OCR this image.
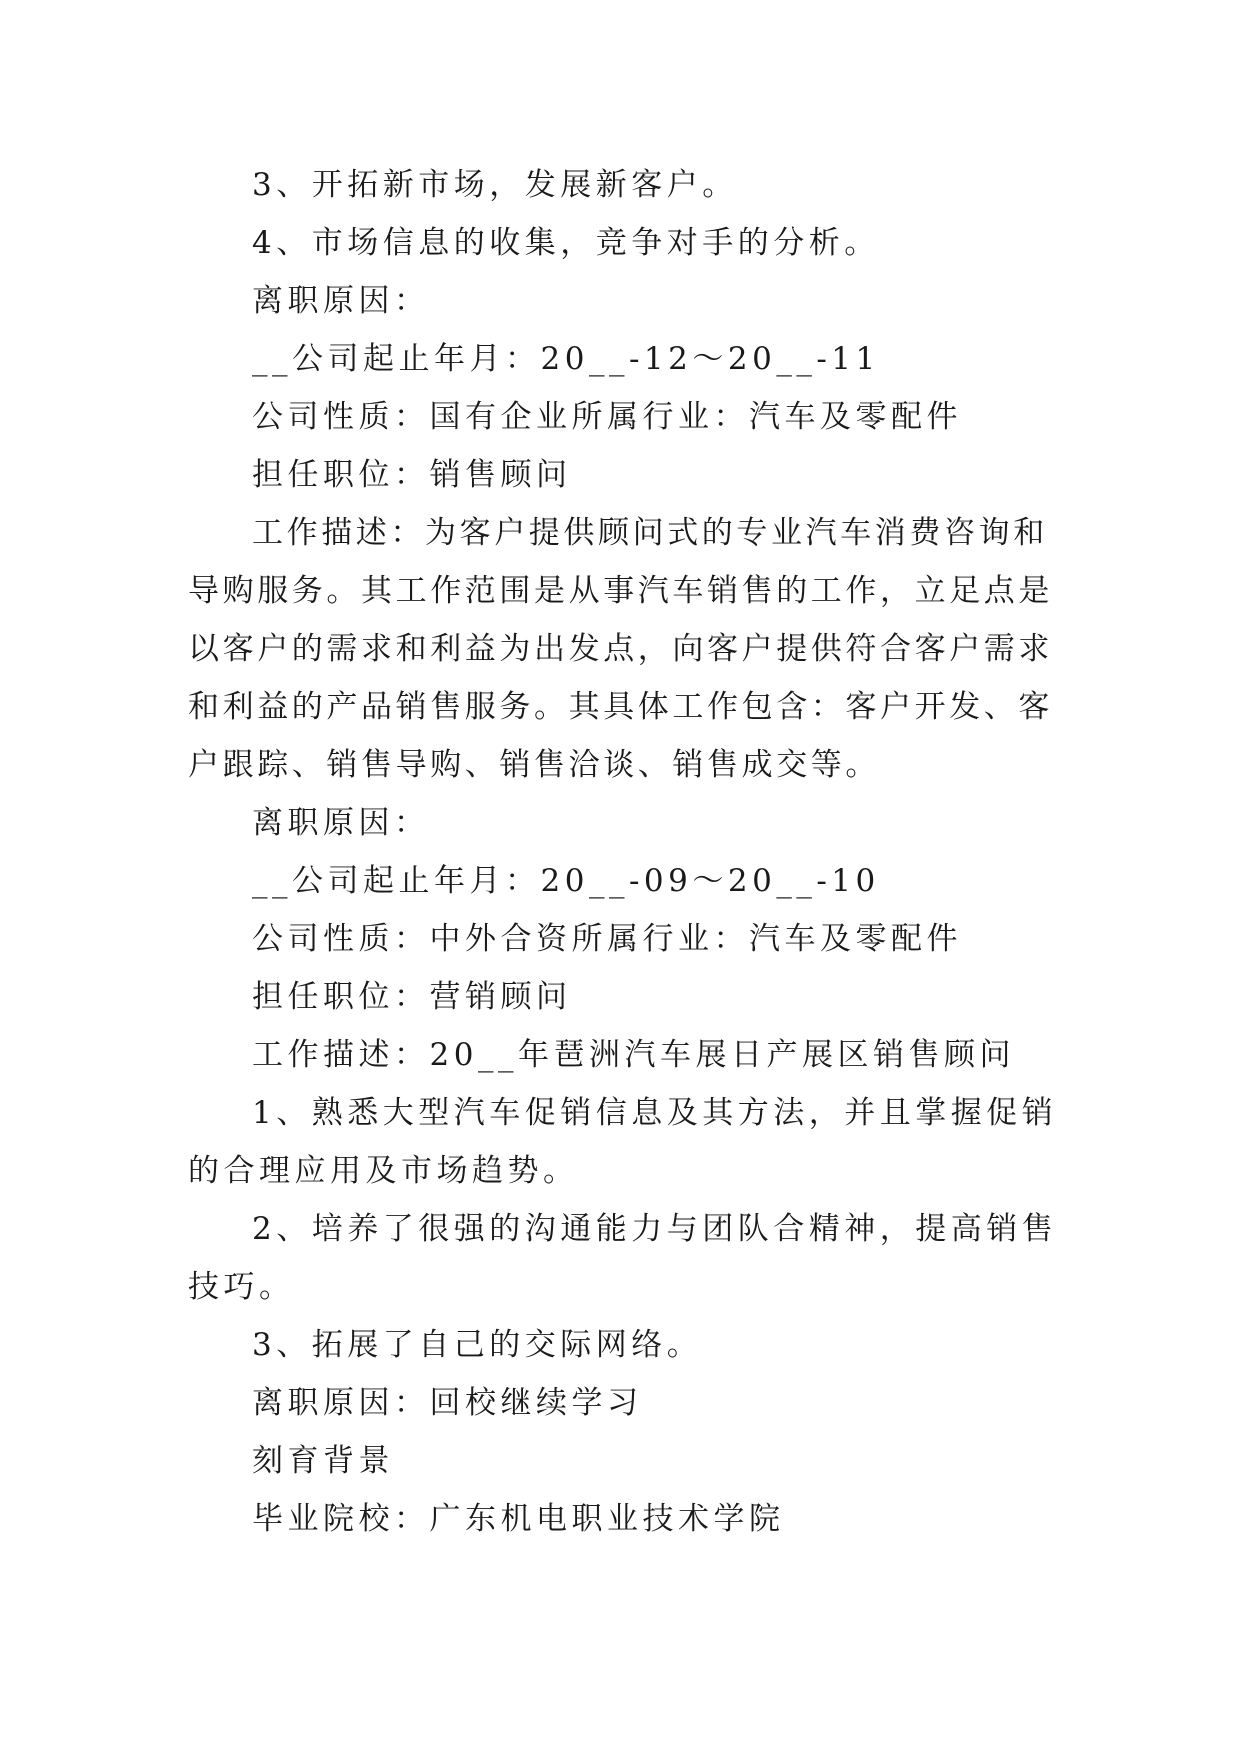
3、开拓新市场，发展新客户。

4、市场信息的收集，竞争对手的分析。

离职原因：

__公司起止年月：20__-12～20__-11

公司性质：国有企业所属行业：汽车及零配件

担任职位：销售顾问

工作描述：为客户提供顾问式的专业汽车消费咨询和导购服务。其工作范围是从事汽车销售的工作，立足点是以客户的需求和利益为出发点，向客户提供符合客户需求和利益的产品销售服务。其具体工作包含：客户开发、客户跟踪、销售导购、销售洽谈、销售成交等。

离职原因：

__公司起止年月：20__-09～20__-10

公司性质：中外合资所属行业：汽车及零配件

担任职位：营销顾问

工作描述：20__年琶洲汽车展日产展区销售顾问

1、熟悉大型汽车促销信息及其方法，并且掌握促销的合理应用及市场趋势。

2、培养了很强的沟通能力与团队合精神，提高销售技巧。

3、拓展了自己的交际网络。

离职原因：回校继续学习

刻育背景

毕业院校：广东机电职业技术学院
